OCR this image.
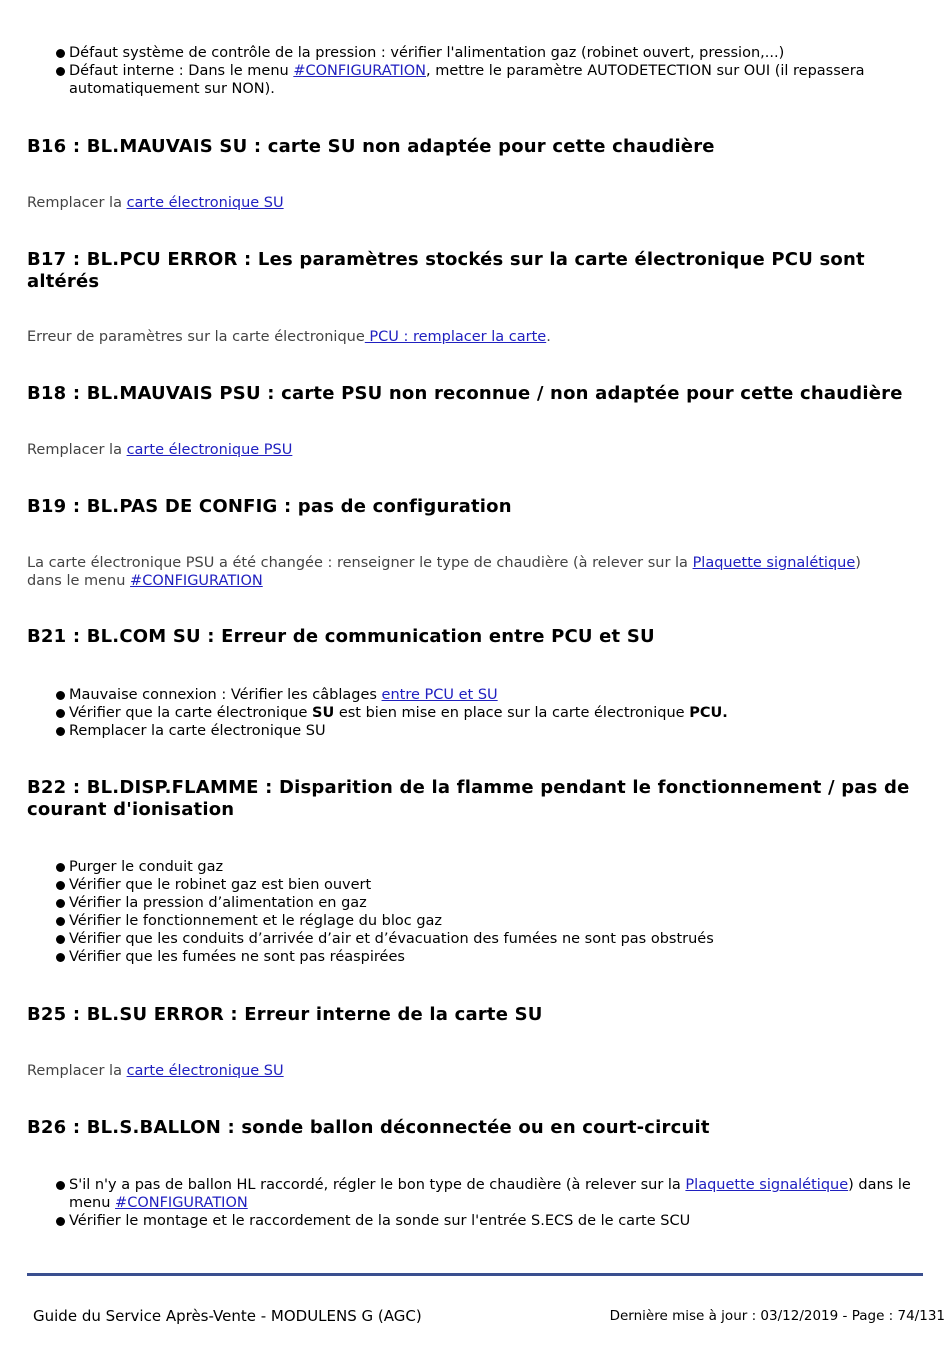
Défaut système de contrôle de la pression : vérifier l'alimentation gaz (robinet ouvert, pression,...)
Défaut interne : Dans le menu #CONFIGURATION, mettre le paramètre AUTODETECTION sur OUI (il repassera automatiquement sur NON).
B16 : BL.MAUVAIS SU : carte SU non adaptée pour cette chaudière

Remplacer la carte électronique SU

B17 : BL.PCU ERROR : Les paramètres stockés sur la carte électronique PCU sont altérés

Erreur de paramètres sur la carte électronique PCU : remplacer la carte.

B18 : BL.MAUVAIS PSU : carte PSU non reconnue / non adaptée pour cette chaudière

Remplacer la carte électronique PSU

B19 : BL.PAS DE CONFIG : pas de configuration

La carte électronique PSU a été changée : renseigner le type de chaudière (à relever sur la Plaquette signalétique) dans le menu #CONFIGURATION

B21 : BL.COM SU : Erreur de communication entre PCU et SU
Mauvaise connexion : Vérifier les câblages entre PCU et SU
Vérifier que la carte électronique SU est bien mise en place sur la carte électronique PCU.
Remplacer la carte électronique SU
B22 : BL.DISP.FLAMME : Disparition de la flamme pendant le fonctionnement / pas de courant d'ionisation
Purger le conduit gaz
Vérifier que le robinet gaz est bien ouvert
Vérifier la pression d’alimentation en gaz
Vérifier le fonctionnement et le réglage du bloc gaz
Vérifier que les conduits d’arrivée d’air et d’évacuation des fumées ne sont pas obstrués
Vérifier que les fumées ne sont pas réaspirées
B25 : BL.SU ERROR : Erreur interne de la carte SU

Remplacer la carte électronique SU

B26 : BL.S.BALLON : sonde ballon déconnectée ou en court-circuit
S'il n'y a pas de ballon HL raccordé, régler le bon type de chaudière (à relever sur la Plaquette signalétique) dans le menu #CONFIGURATION
Vérifier le montage et le raccordement de la sonde sur l'entrée S.ECS de le carte SCU
Guide du Service Après-Vente - MODULENS G (AGC)	Dernière mise à jour : 03/12/2019 - Page : 74/131
